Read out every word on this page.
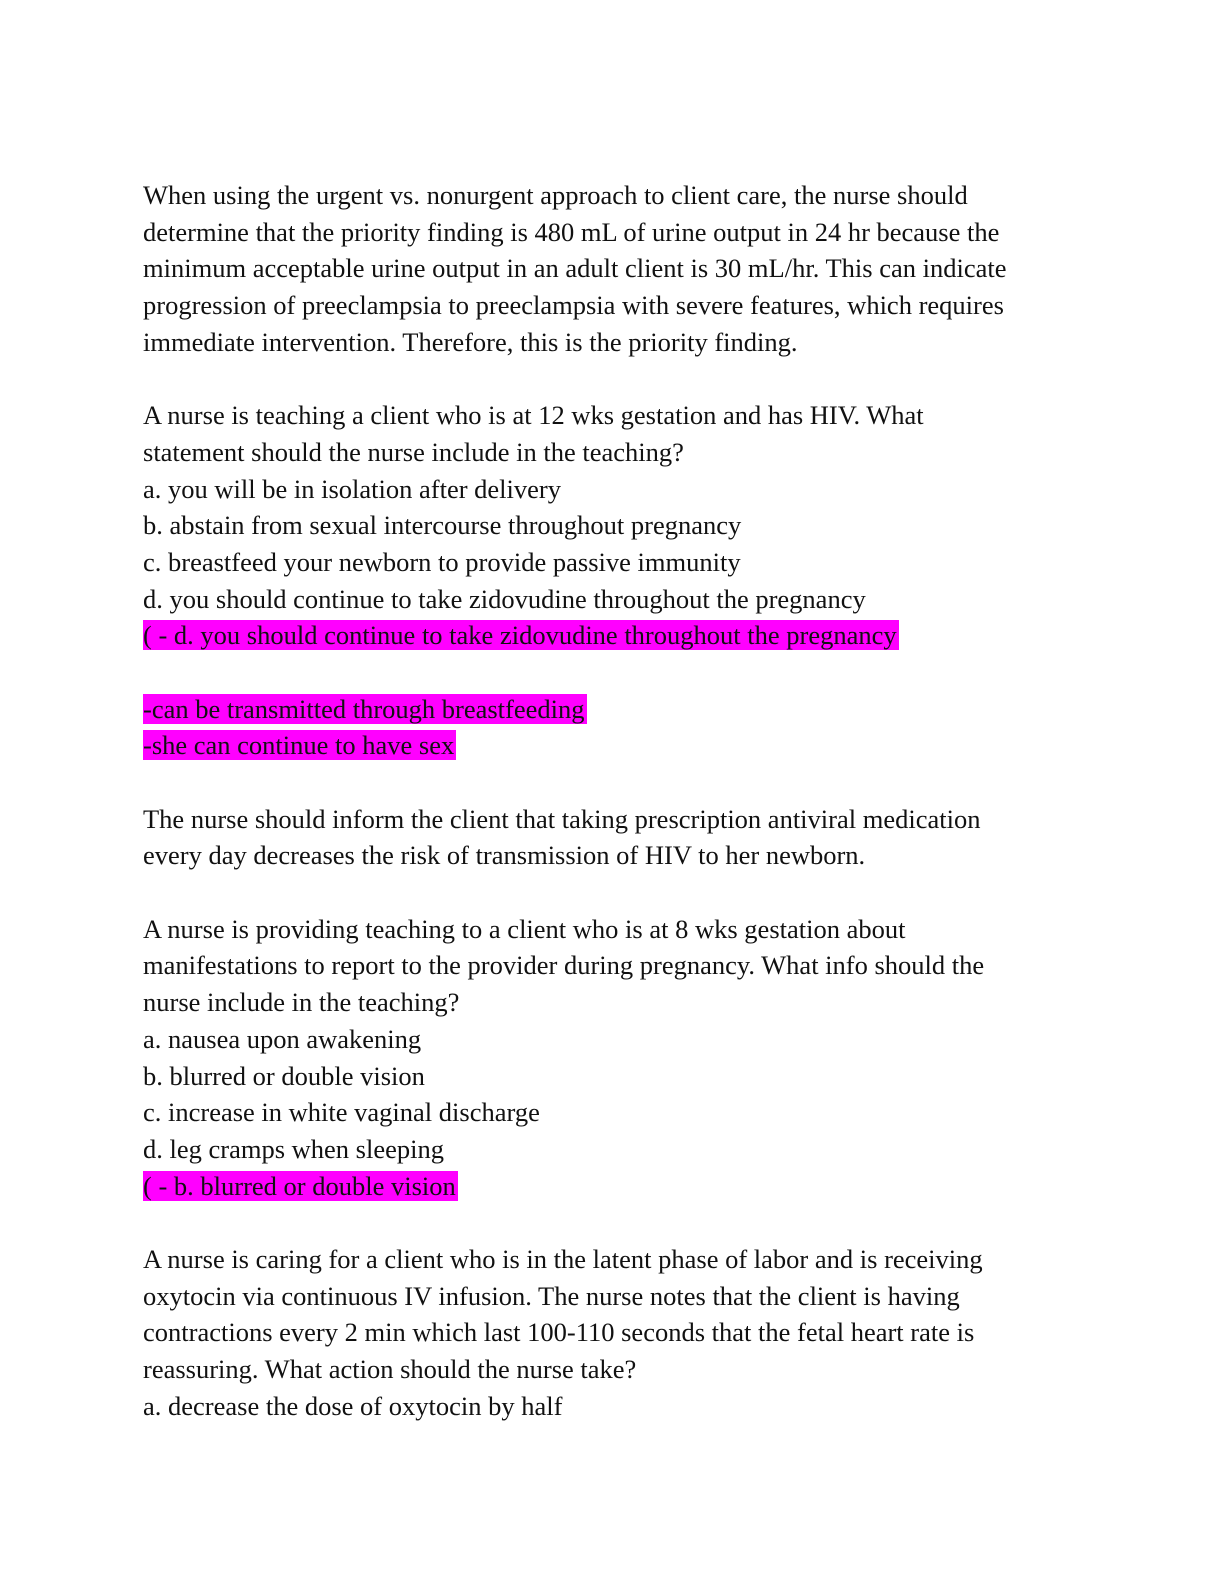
When using the urgent vs. nonurgent approach to client care, the nurse should
determine that the priority finding is 480 mL of urine output in 24 hr because the
minimum acceptable urine output in an adult client is 30 mL/hr. This can indicate
progression of preeclampsia to preeclampsia with severe features, which requires
immediate intervention. Therefore, this is the priority finding.
A nurse is teaching a client who is at 12 wks gestation and has HIV. What
statement should the nurse include in the teaching?
a. you will be in isolation after delivery
b. abstain from sexual intercourse throughout pregnancy
c. breastfeed your newborn to provide passive immunity
d. you should continue to take zidovudine throughout the pregnancy
( - d. you should continue to take zidovudine throughout the pregnancy
-can be transmitted through breastfeeding
-she can continue to have sex
The nurse should inform the client that taking prescription antiviral medication
every day decreases the risk of transmission of HIV to her newborn.
A nurse is providing teaching to a client who is at 8 wks gestation about
manifestations to report to the provider during pregnancy. What info should the
nurse include in the teaching?
a. nausea upon awakening
b. blurred or double vision
c. increase in white vaginal discharge
d. leg cramps when sleeping
( - b. blurred or double vision
A nurse is caring for a client who is in the latent phase of labor and is receiving
oxytocin via continuous IV infusion. The nurse notes that the client is having
contractions every 2 min which last 100-110 seconds that the fetal heart rate is
reassuring. What action should the nurse take?
a. decrease the dose of oxytocin by half
